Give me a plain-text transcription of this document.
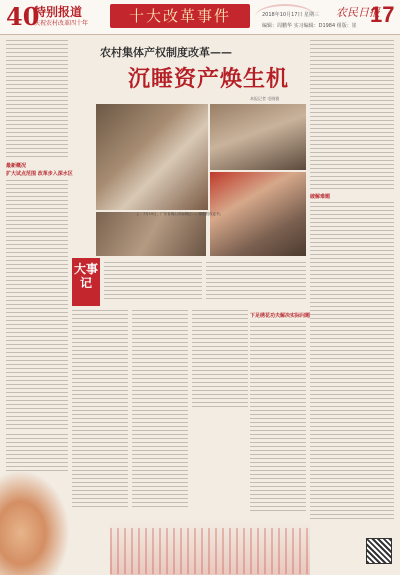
40
特别报道
庆祝农村改革四十年	十大改革事件	2018年10月17日 星期三
编辑：周鹏华 实习编辑：D1984 组版：崔
农民日报
17
最新概况
扩大试点范围 改革步入深水区
农村集体产权制度改革——
沉睡资产焕生机
本报记者 毛晓雅
上：7月15日，广东省佛山市南海区……领取股权证书。
破解难题
大事记
下足绣花功夫解决实际问题
